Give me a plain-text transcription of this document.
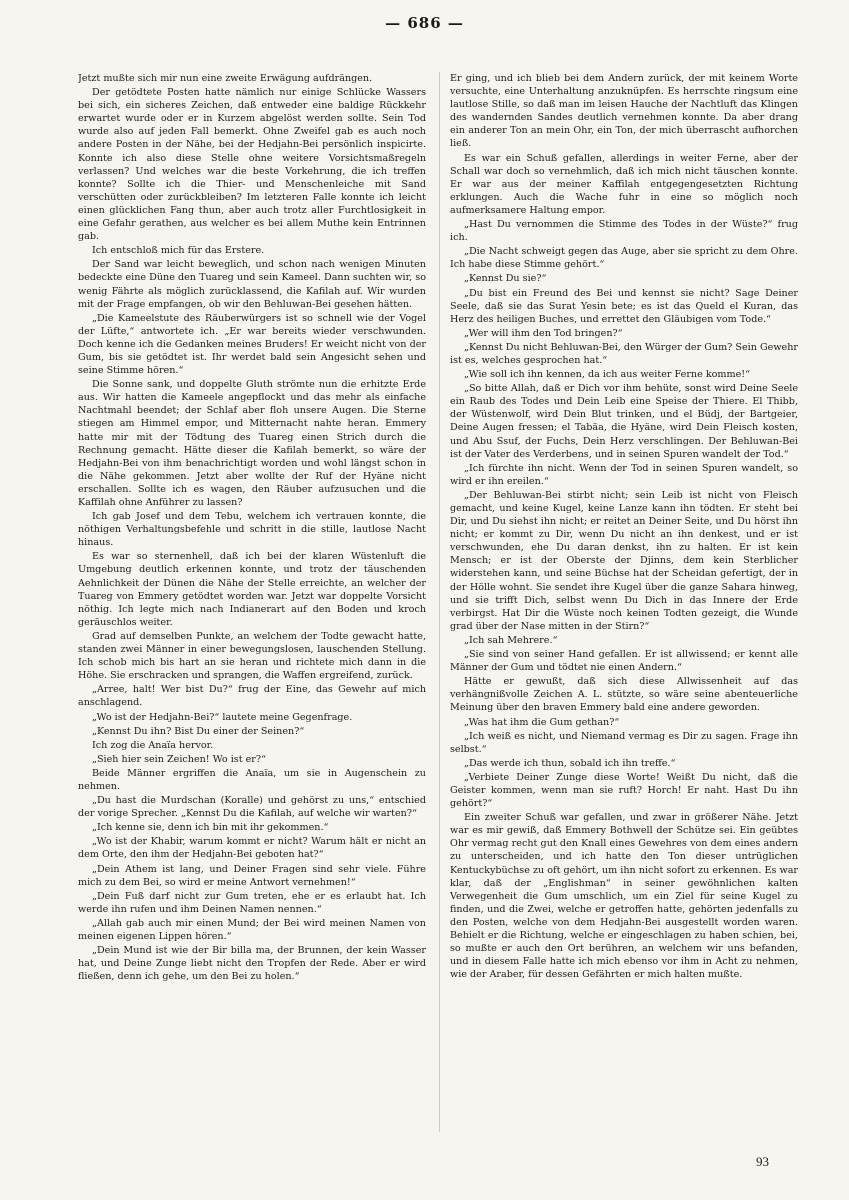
— 686 —

Jetzt mußte sich mir nun eine zweite Erwägung aufdrängen.

Der getödtete Posten hatte nämlich nur einige Schlücke Wassers bei sich, ein sicheres Zeichen, daß entweder eine baldige Rückkehr erwartet wurde oder er in Kurzem abgelöst werden sollte. Sein Tod wurde also auf jeden Fall bemerkt. Ohne Zweifel gab es auch noch andere Posten in der Nähe, bei der Hedjahn-Bei persönlich inspicirte. Konnte ich also diese Stelle ohne weitere Vorsichtsmaßregeln verlassen? Und welches war die beste Vorkehrung, die ich treffen konnte? Sollte ich die Thier- und Menschenleiche mit Sand verschütten oder zurückbleiben? Im letzteren Falle konnte ich leicht einen glücklichen Fang thun, aber auch trotz aller Furchtlosigkeit in eine Gefahr gerathen, aus welcher es bei allem Muthe kein Entrinnen gab.

Ich entschloß mich für das Erstere.

Der Sand war leicht beweglich, und schon nach wenigen Minuten bedeckte eine Düne den Tuareg und sein Kameel. Dann suchten wir, so wenig Fährte als möglich zurücklassend, die Kafilah auf. Wir wurden mit der Frage empfangen, ob wir den Behluwan-Bei gesehen hätten.

„Die Kameelstute des Räuberwürgers ist so schnell wie der Vogel der Lüfte,“ antwortete ich. „Er war bereits wieder verschwunden. Doch kenne ich die Gedanken meines Bruders! Er weicht nicht von der Gum, bis sie getödtet ist. Ihr werdet bald sein Angesicht sehen und seine Stimme hören.“

Die Sonne sank, und doppelte Gluth strömte nun die erhitzte Erde aus. Wir hatten die Kameele angepflockt und das mehr als einfache Nachtmahl beendet; der Schlaf aber floh unsere Augen. Die Sterne stiegen am Himmel empor, und Mitternacht nahte heran. Emmery hatte mir mit der Tödtung des Tuareg einen Strich durch die Rechnung gemacht. Hätte dieser die Kafilah bemerkt, so wäre der Hedjahn-Bei von ihm benachrichtigt worden und wohl längst schon in die Nähe gekommen. Jetzt aber wollte der Ruf der Hyäne nicht erschallen. Sollte ich es wagen, den Räuber aufzusuchen und die Kaffilah ohne Anführer zu lassen?

Ich gab Josef und dem Tebu, welchem ich vertrauen konnte, die nöthigen Verhaltungsbefehle und schritt in die stille, lautlose Nacht hinaus.

Es war so sternenhell, daß ich bei der klaren Wüstenluft die Umgebung deutlich erkennen konnte, und trotz der täuschenden Aehnlichkeit der Dünen die Nähe der Stelle erreichte, an welcher der Tuareg von Emmery getödtet worden war. Jetzt war doppelte Vorsicht nöthig. Ich legte mich nach Indianerart auf den Boden und kroch geräuschlos weiter.

Grad auf demselben Punkte, an welchem der Todte gewacht hatte, standen zwei Männer in einer bewegungslosen, lauschenden Stellung. Ich schob mich bis hart an sie heran und richtete mich dann in die Höhe. Sie erschracken und sprangen, die Waffen ergreifend, zurück.

„Arree, halt! Wer bist Du?“ frug der Eine, das Gewehr auf mich anschlagend.

„Wo ist der Hedjahn-Bei?“ lautete meine Gegenfrage.

„Kennst Du ihn? Bist Du einer der Seinen?“

Ich zog die Anaïa hervor.

„Sieh hier sein Zeichen! Wo ist er?“

Beide Männer ergriffen die Anaïa, um sie in Augenschein zu nehmen.

„Du hast die Murdschan (Koralle) und gehörst zu uns,“ entschied der vorige Sprecher. „Kennst Du die Kafilah, auf welche wir warten?“

„Ich kenne sie, denn ich bin mit ihr gekommen.“

„Wo ist der Khabir, warum kommt er nicht? Warum hält er nicht an dem Orte, den ihm der Hedjahn-Bei geboten hat?“

„Dein Athem ist lang, und Deiner Fragen sind sehr viele. Führe mich zu dem Bei, so wird er meine Antwort vernehmen!“

„Dein Fuß darf nicht zur Gum treten, ehe er es erlaubt hat. Ich werde ihn rufen und ihm Deinen Namen nennen.“

„Allah gab auch mir einen Mund; der Bei wird meinen Namen von meinen eigenen Lippen hören.“

„Dein Mund ist wie der Bir billa ma, der Brunnen, der kein Wasser hat, und Deine Zunge liebt nicht den Tropfen der Rede. Aber er wird fließen, denn ich gehe, um den Bei zu holen.“

Er ging, und ich blieb bei dem Andern zurück, der mit keinem Worte versuchte, eine Unterhaltung anzuknüpfen. Es herrschte ringsum eine lautlose Stille, so daß man im leisen Hauche der Nachtluft das Klingen des wandernden Sandes deutlich vernehmen konnte. Da aber drang ein anderer Ton an mein Ohr, ein Ton, der mich überrascht aufhorchen ließ.

Es war ein Schuß gefallen, allerdings in weiter Ferne, aber der Schall war doch so vernehmlich, daß ich mich nicht täuschen konnte. Er war aus der meiner Kaffilah entgegengesetzten Richtung erklungen. Auch die Wache fuhr in eine so möglich noch aufmerksamere Haltung empor.

„Hast Du vernommen die Stimme des Todes in der Wüste?“ frug ich.

„Die Nacht schweigt gegen das Auge, aber sie spricht zu dem Ohre. Ich habe diese Stimme gehört.“

„Kennst Du sie?“

„Du bist ein Freund des Bei und kennst sie nicht? Sage Deiner Seele, daß sie das Surat Yesin bete; es ist das Queld el Kuran, das Herz des heiligen Buches, und errettet den Gläubigen vom Tode.“

„Wer will ihm den Tod bringen?“

„Kennst Du nicht Behluwan-Bei, den Würger der Gum? Sein Gewehr ist es, welches gesprochen hat.“

„Wie soll ich ihn kennen, da ich aus weiter Ferne komme!“

„So bitte Allah, daß er Dich vor ihm behüte, sonst wird Deine Seele ein Raub des Todes und Dein Leib eine Speise der Thiere. El Thibb, der Wüstenwolf, wird Dein Blut trinken, und el Büdj, der Bartgeier, Deine Augen fressen; el Tabäa, die Hyäne, wird Dein Fleisch kosten, und Abu Ssuf, der Fuchs, Dein Herz verschlingen. Der Behluwan-Bei ist der Vater des Verderbens, und in seinen Spuren wandelt der Tod.“

„Ich fürchte ihn nicht. Wenn der Tod in seinen Spuren wandelt, so wird er ihn ereilen.“

„Der Behluwan-Bei stirbt nicht; sein Leib ist nicht von Fleisch gemacht, und keine Kugel, keine Lanze kann ihn tödten. Er steht bei Dir, und Du siehst ihn nicht; er reitet an Deiner Seite, und Du hörst ihn nicht; er kommt zu Dir, wenn Du nicht an ihn denkest, und er ist verschwunden, ehe Du daran denkst, ihn zu halten. Er ist kein Mensch; er ist der Oberste der Djinns, dem kein Sterblicher widerstehen kann, und seine Büchse hat der Scheidan gefertigt, der in der Hölle wohnt. Sie sendet ihre Kugel über die ganze Sahara hinweg, und sie trifft Dich, selbst wenn Du Dich in das Innere der Erde verbirgst. Hat Dir die Wüste noch keinen Todten gezeigt, die Wunde grad über der Nase mitten in der Stirn?“

„Ich sah Mehrere.“

„Sie sind von seiner Hand gefallen. Er ist allwissend; er kennt alle Männer der Gum und tödtet nie einen Andern.“

Hätte er gewußt, daß sich diese Allwissenheit auf das verhängnißvolle Zeichen A. L. stützte, so wäre seine abenteuerliche Meinung über den braven Emmery bald eine andere geworden.

„Was hat ihm die Gum gethan?“

„Ich weiß es nicht, und Niemand vermag es Dir zu sagen. Frage ihn selbst.“

„Das werde ich thun, sobald ich ihn treffe.“

„Verbiete Deiner Zunge diese Worte! Weißt Du nicht, daß die Geister kommen, wenn man sie ruft? Horch! Er naht. Hast Du ihn gehört?“

Ein zweiter Schuß war gefallen, und zwar in größerer Nähe. Jetzt war es mir gewiß, daß Emmery Bothwell der Schütze sei. Ein geübtes Ohr vermag recht gut den Knall eines Gewehres von dem eines andern zu unterscheiden, und ich hatte den Ton dieser untrüglichen Kentuckybüchse zu oft gehört, um ihn nicht sofort zu erkennen. Es war klar, daß der „Englishman“ in seiner gewöhnlichen kalten Verwegenheit die Gum umschlich, um ein Ziel für seine Kugel zu finden, und die Zwei, welche er getroffen hatte, gehörten jedenfalls zu den Posten, welche von dem Hedjahn-Bei ausgestellt worden waren. Behielt er die Richtung, welche er eingeschlagen zu haben schien, bei, so mußte er auch den Ort berühren, an welchem wir uns befanden, und in diesem Falle hatte ich mich ebenso vor ihm in Acht zu nehmen, wie der Araber, für dessen Gefährten er mich halten mußte.

93
